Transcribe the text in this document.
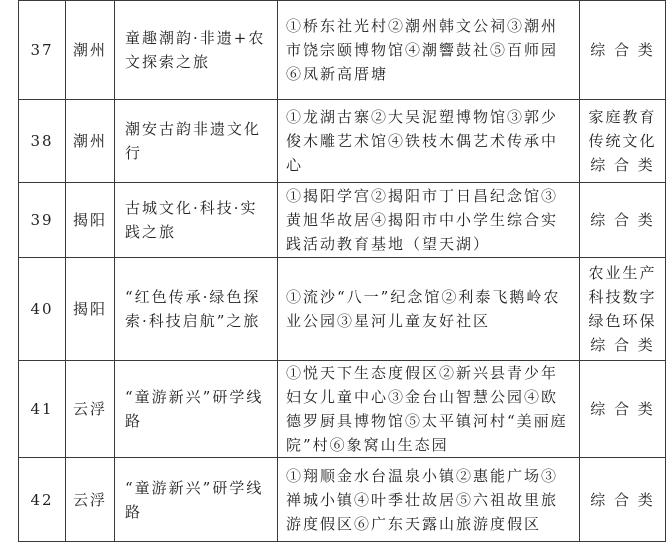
37	潮州	童趣潮韵·非遗+农文探索之旅	①桥东社光村②潮州韩文公祠③潮州市饶宗颐博物馆④潮響鼓社⑤百师园⑥凤新高厝塘	综 合 类

38	潮州	潮安古韵非遗文化行	①龙湖古寨②大吴泥塑博物馆③郭少俊木雕艺术馆④铁枝木偶艺术传承中心	家庭教育
传统文化
综 合 类

39	揭阳	古城文化·科技·实践之旅	①揭阳学宫②揭阳市丁日昌纪念馆③黄旭华故居④揭阳市中小学生综合实践活动教育基地（望天湖）	综 合 类

40	揭阳	“红色传承·绿色探索·科技启航”之旅	①流沙“八一”纪念馆②利泰飞鹅岭农业公园③星河儿童友好社区	农业生产
科技数字
绿色环保
综 合 类

41	云浮	“童游新兴”研学线路	①悦天下生态度假区②新兴县青少年妇女儿童中心③金台山智慧公园④欧德罗厨具博物馆⑤太平镇河村“美丽庭院”村⑥象窝山生态园	综 合 类

42	云浮	“童游新兴”研学线路	①翔顺金水台温泉小镇②惠能广场③禅城小镇④叶季壮故居⑤六祖故里旅游度假区⑥广东天露山旅游度假区	综 合 类
